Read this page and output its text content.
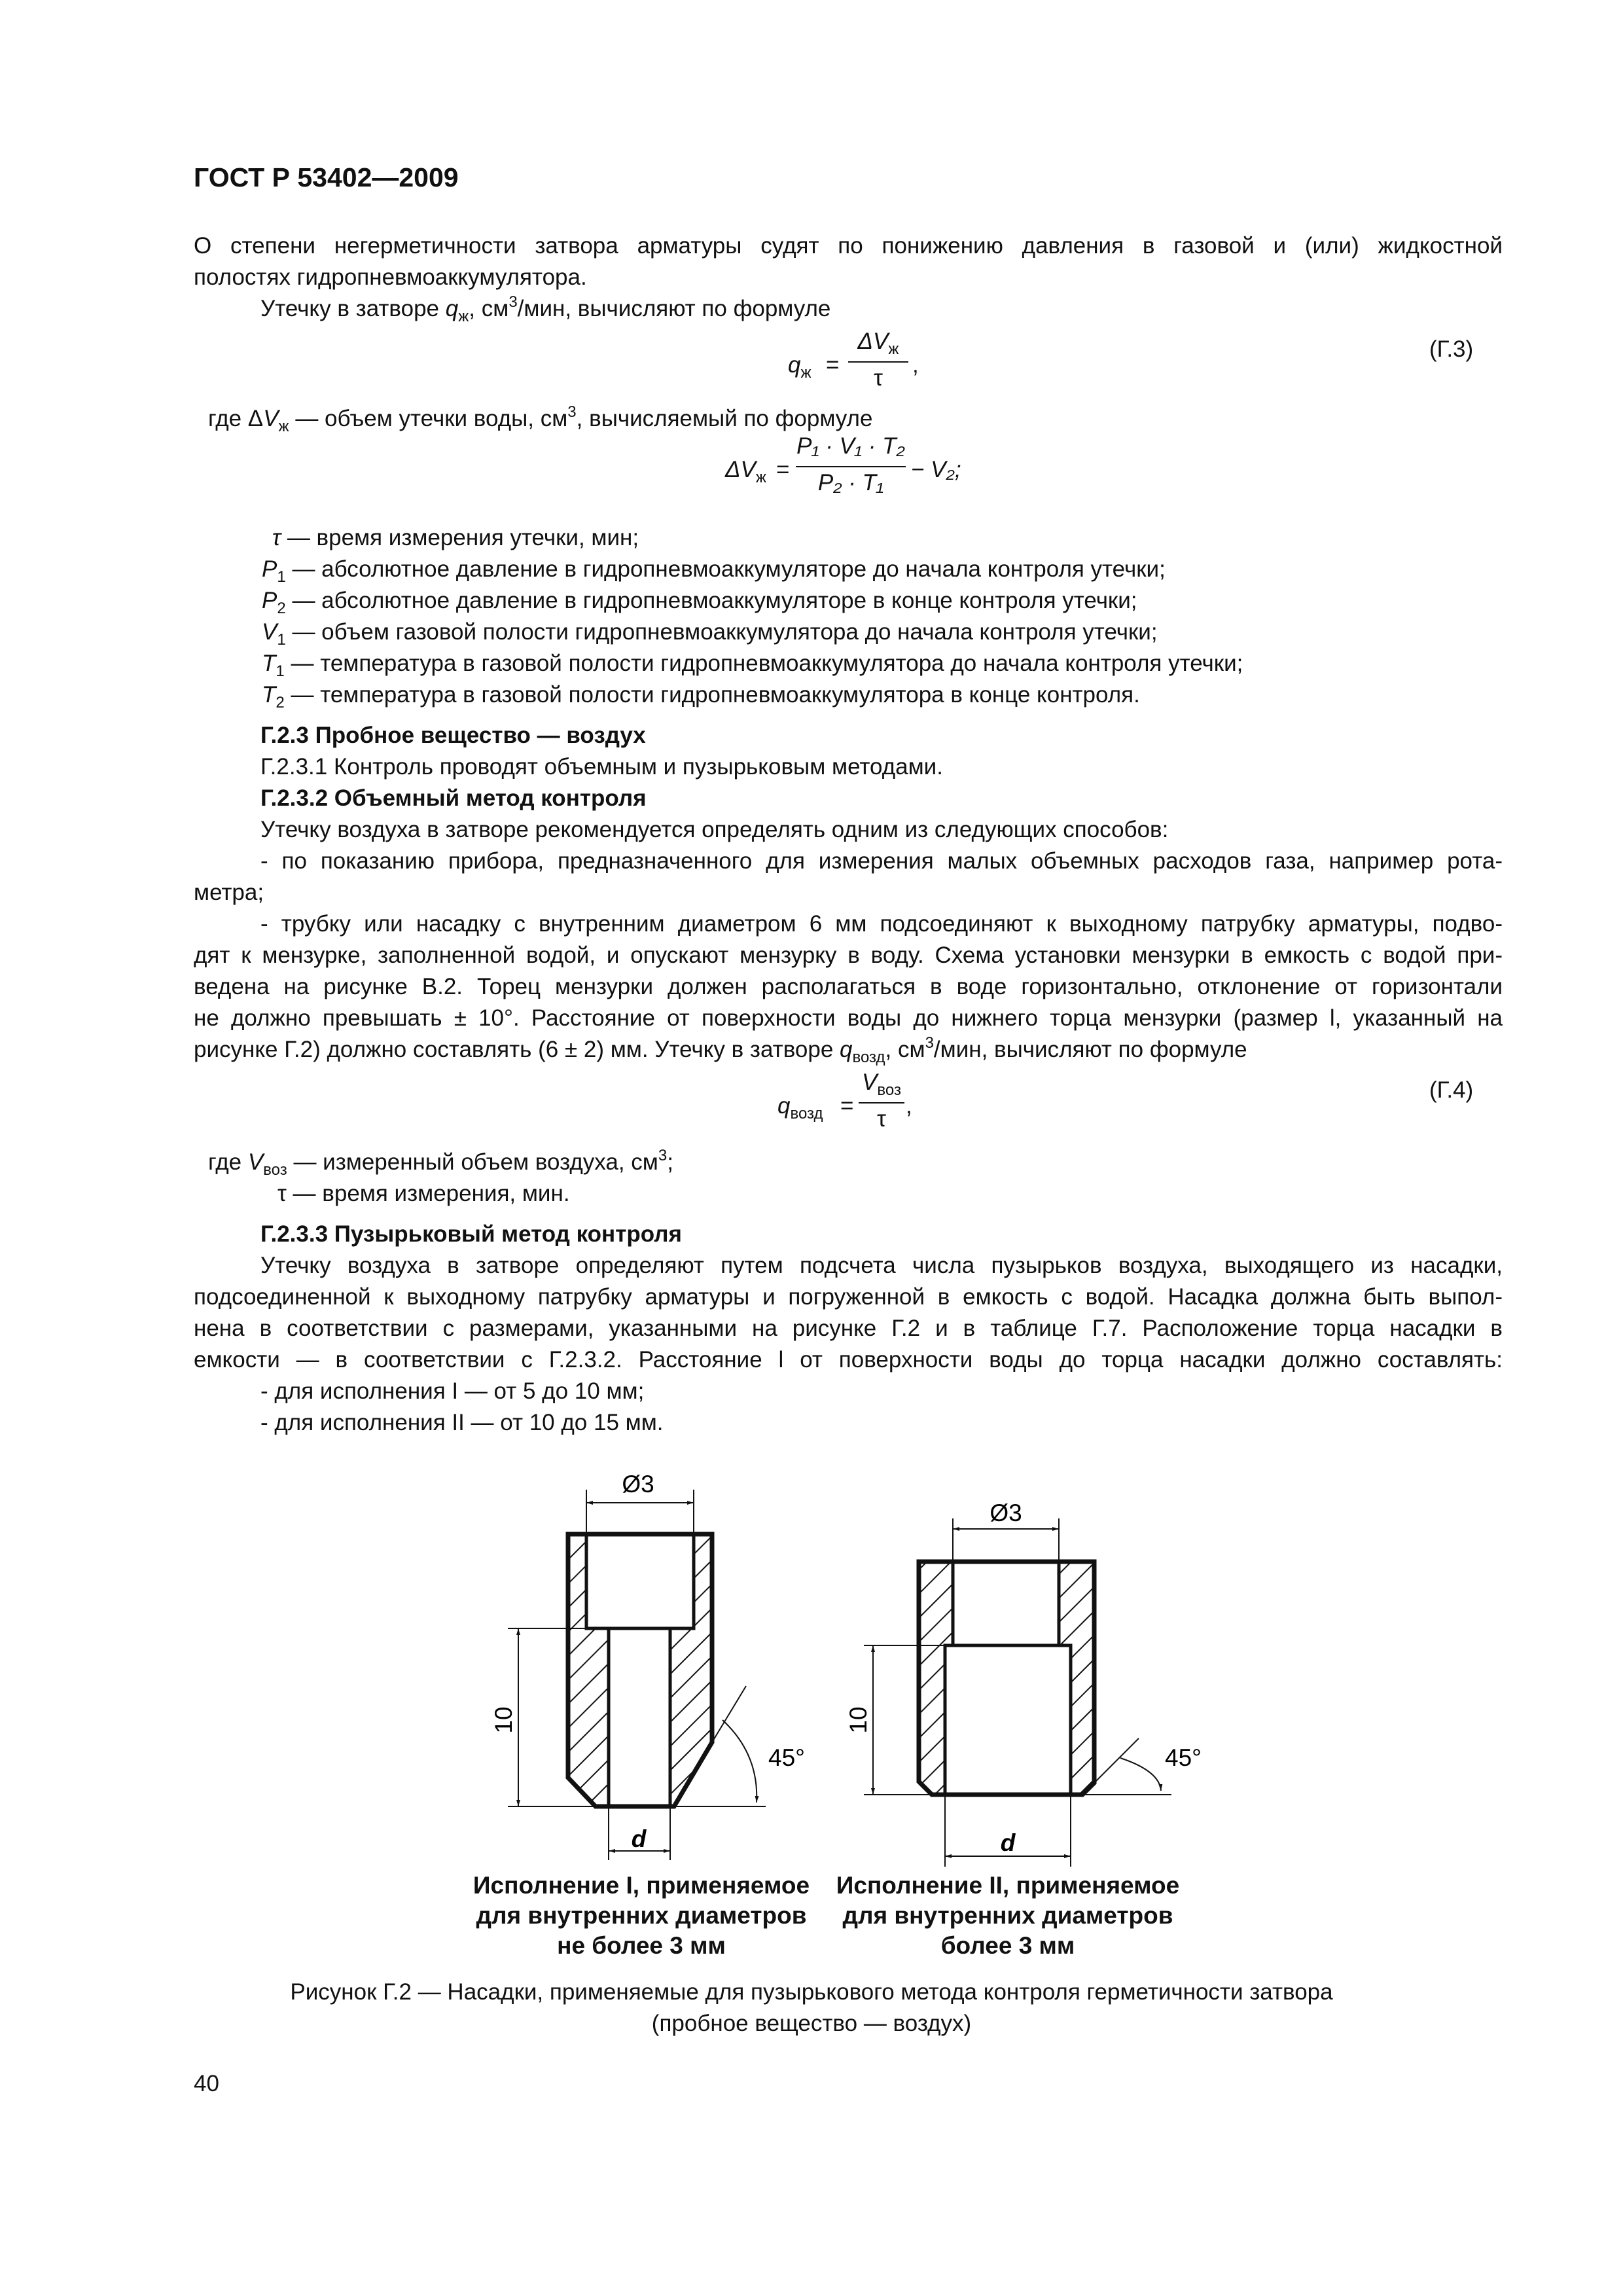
ГОСТ Р 53402—2009
О степени негерметичности затвора арматуры судят по понижению давления в газовой и (или) жидкостной
полостях гидропневмоаккумулятора.
Утечку в затворе $q_ж$, $см^3$/мин, вычисляют по формуле
$q_ж$ =
$\Delta V_ж$
τ
,
(Г.3)
где $\Delta V_ж$ — объем утечки воды, $см^3$, вычисляемый по формуле
$\Delta V_ж$ =
P₁ · V₁ · T₂
P₂ · T₁
− V₂;
τ — время измерения утечки, мин;
$P_1$ — абсолютное давление в гидропневмоаккумуляторе до начала контроля утечки;
$P_2$ — абсолютное давление в гидропневмоаккумуляторе в конце контроля утечки;
$V_1$ — объем газовой полости гидропневмоаккумулятора до начала контроля утечки;
$T_1$ — температура в газовой полости гидропневмоаккумулятора до начала контроля утечки;
$T_2$ — температура в газовой полости гидропневмоаккумулятора в конце контроля.
Г.2.3 Пробное вещество — воздух
Г.2.3.1 Контроль проводят объемным и пузырьковым методами.
Г.2.3.2 Объемный метод контроля
Утечку воздуха в затворе рекомендуется определять одним из следующих способов:
- по показанию прибора, предназначенного для измерения малых объемных расходов газа, например рота-
метра;
- трубку или насадку с внутренним диаметром 6 мм подсоединяют к выходному патрубку арматуры, подво-
дят к мензурке, заполненной водой, и опускают мензурку в воду. Схема установки мензурки в емкость с водой при-
ведена на рисунке В.2. Торец мензурки должен располагаться в воде горизонтально, отклонение от горизонтали
не должно превышать ± 10°. Расстояние от поверхности воды до нижнего торца мензурки (размер l, указанный на
рисунке Г.2) должно составлять (6 ± 2) мм. Утечку в затворе $q_{возд}$, $см^3$/мин, вычисляют по формуле
$q_{возд}$ =
$V_{воз}$
τ
,
(Г.4)
где $V_{воз}$ — измеренный объем воздуха, $см^3$;
τ — время измерения, мин.
Г.2.3.3 Пузырьковый метод контроля
Утечку воздуха в затворе определяют путем подсчета числа пузырьков воздуха, выходящего из насадки,
подсоединенной к выходному патрубку арматуры и погруженной в емкость с водой. Насадка должна быть выпол-
нена в соответствии с размерами, указанными на рисунке Г.2 и в таблице Г.7. Расположение торца насадки в
емкости — в соответствии с Г.2.3.2. Расстояние l от поверхности воды до торца насадки должно составлять:
- для исполнения I — от 5 до 10 мм;
- для исполнения II — от 10 до 15 мм.
Ø3
10
d
45°
Ø3
10
d
45°
Исполнение I, применяемое
для внутренних диаметров
не более 3 мм
Исполнение II, применяемое
для внутренних диаметров
более 3 мм
Рисунок Г.2 — Насадки, применяемые для пузырькового метода контроля герметичности затвора
(пробное вещество — воздух)
40
